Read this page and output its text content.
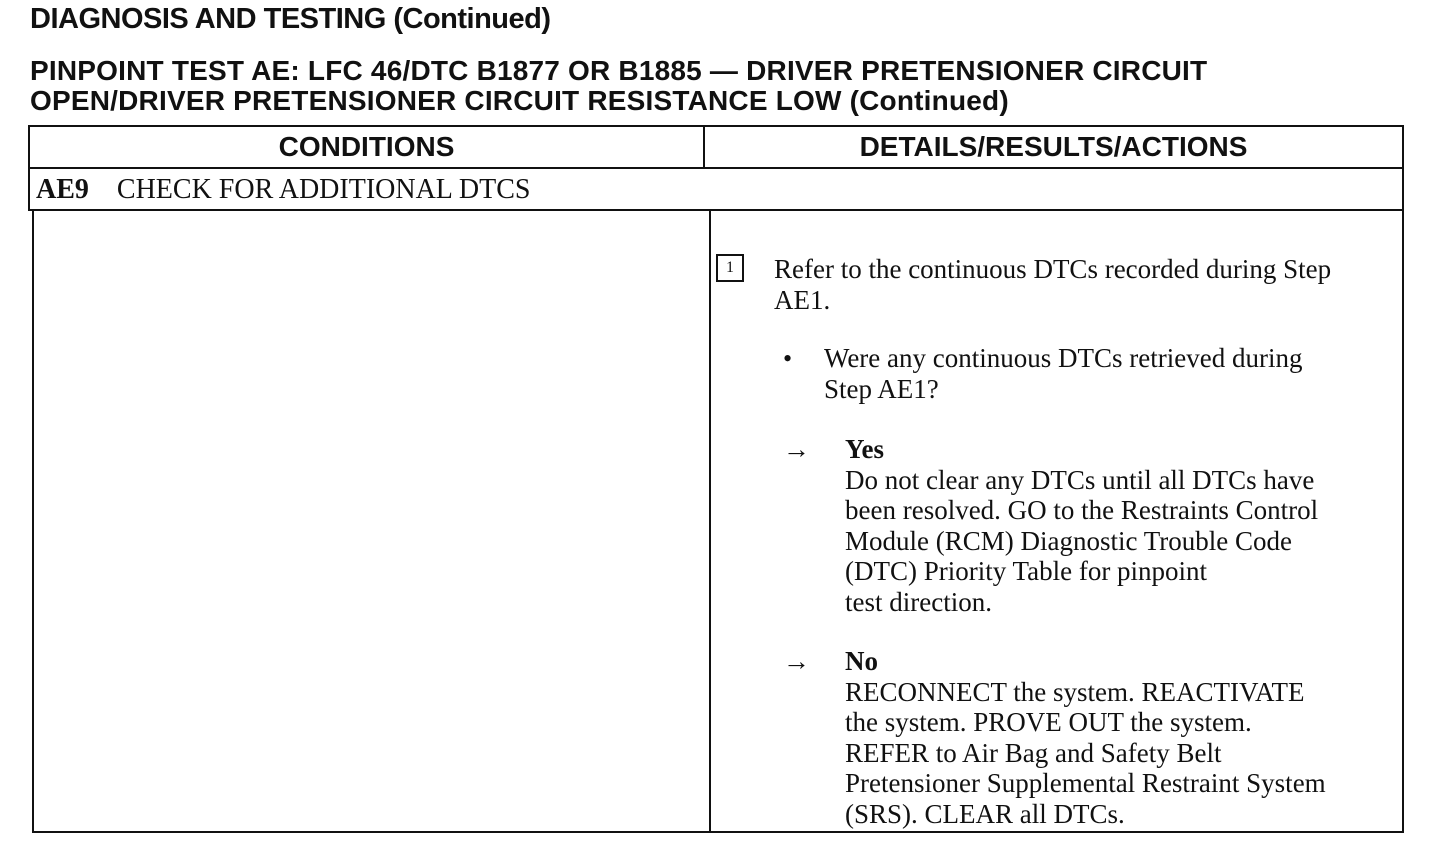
DIAGNOSIS AND TESTING (Continued)
PINPOINT TEST AE: LFC 46/DTC B1877 OR B1885 — DRIVER PRETENSIONER CIRCUIT
OPEN/DRIVER PRETENSIONER CIRCUIT RESISTANCE LOW (Continued)
CONDITIONS	DETAILS/RESULTS/ACTIONS
AE9 CHECK FOR ADDITIONAL DTCS
1	Refer to the continuous DTCs recorded during Step
AE1.
• Were any continuous DTCs retrieved during
Step AE1?
→ Yes
Do not clear any DTCs until all DTCs have
been resolved. GO to the Restraints Control
Module (RCM) Diagnostic Trouble Code
(DTC) Priority Table for pinpoint
test direction.
→ No
RECONNECT the system. REACTIVATE
the system. PROVE OUT the system.
REFER to Air Bag and Safety Belt
Pretensioner Supplemental Restraint System
(SRS). CLEAR all DTCs.
